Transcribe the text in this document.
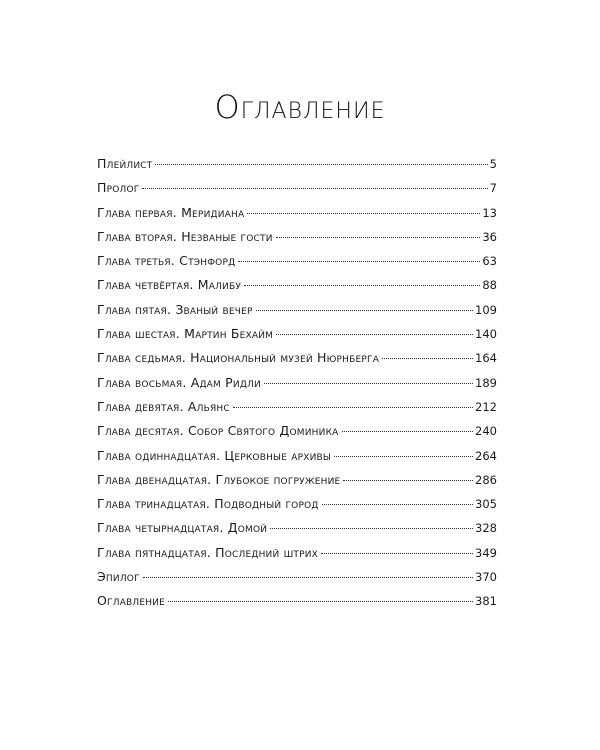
Оглавление
Плейлист	5
Пролог	7
Глава первая. Меридиана	13
Глава вторая. Незваные гости	36
Глава третья. Стэнфорд	63
Глава четвёртая. Малибу	88
Глава пятая. Званый вечер	109
Глава шестая. Мартин Бехайм	140
Глава седьмая. Национальный музей Нюрнберга	164
Глава восьмая. Адам Ридли	189
Глава девятая. Альянс	212
Глава десятая. Собор Святого Доминика	240
Глава одиннадцатая. Церковные архивы	264
Глава двенадцатая. Глубокое погружение	286
Глава тринадцатая. Подводный город	305
Глава четырнадцатая. Домой	328
Глава пятнадцатая. Последний штрих	349
Эпилог	370
Оглавление	381
